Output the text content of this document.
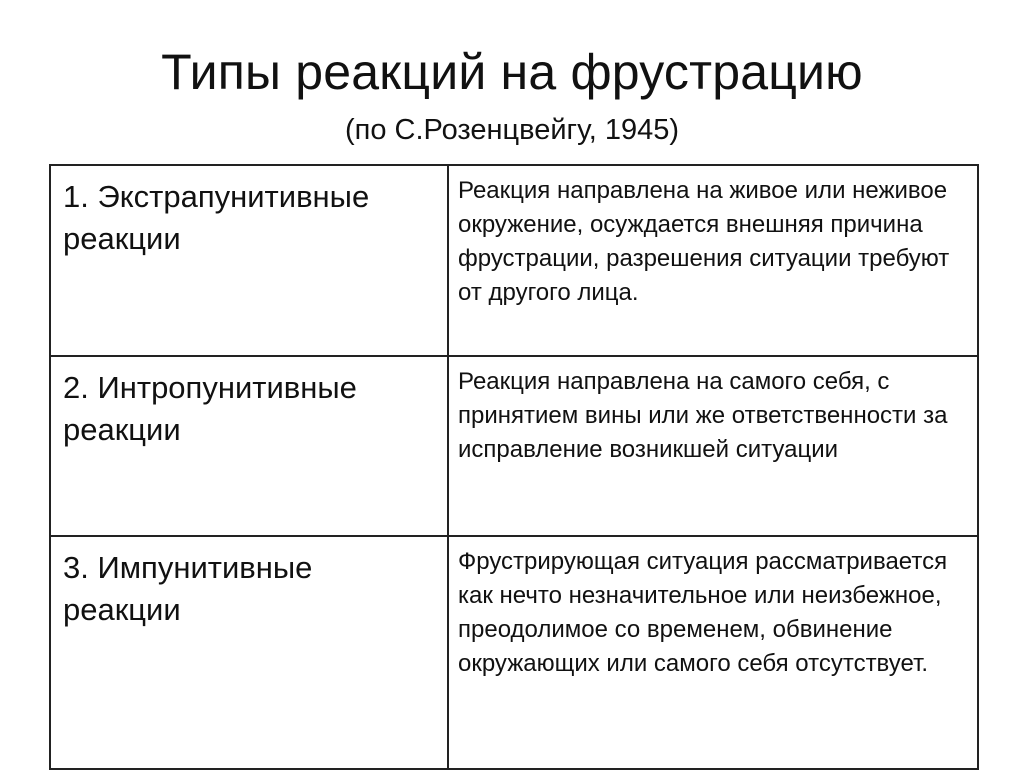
Типы реакций на фрустрацию
(по С.Розенцвейгу, 1945)
1. Экстрапунитивные реакции	Реакция направлена на живое или неживое окружение, осуждается внешняя причина фрустрации, разрешения ситуации требуют от другого лица.
2. Интропунитивные реакции	Реакция направлена на самого себя, с принятием вины или же ответственности за исправление возникшей ситуации
3. Импунитивные реакции	Фрустрирующая ситуация рассматривается как нечто незначительное или неизбежное, преодолимое со временем, обвинение окружающих или самого себя отсутствует.
